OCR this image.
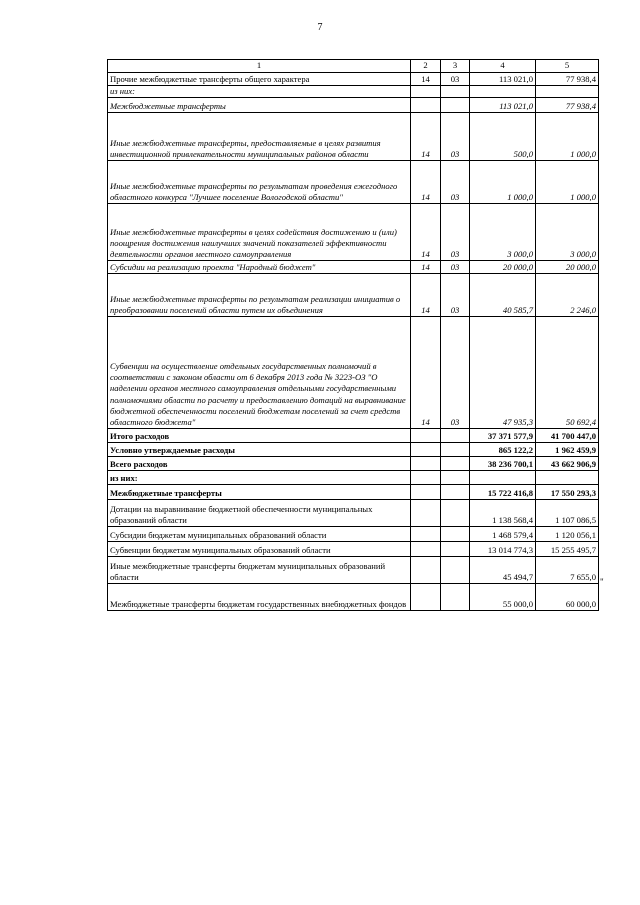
7
1	2	3	4	5
Прочие межбюджетные трансферты общего характера	14	03	113 021,0	77 938,4
из них:				
Межбюджетные трансферты			113 021,0	77 938,4
Иные межбюджетные трансферты, предоставляемые в целях развития инвестиционной привлекательности муниципальных районов области	14	03	500,0	1 000,0
Иные межбюджетные трансферты по результатам проведения ежегодного областного конкурса "Лучшее поселение Вологодской области"	14	03	1 000,0	1 000,0
Иные межбюджетные трансферты в целях содействия достижению и (или) поощрения достижения наилучших значений показателей эффективности деятельности органов местного самоуправления	14	03	3 000,0	3 000,0
Субсидии на реализацию проекта "Народный бюджет"	14	03	20 000,0	20 000,0
Иные межбюджетные трансферты по результатам реализации инициатив о преобразовании поселений области путем их объединения	14	03	40 585,7	2 246,0
Субвенции на осуществление отдельных государственных полномочий в соответствии с законом области от 6 декабря 2013 года № 3223-ОЗ "О наделении органов местного самоуправления отдельными государственными полномочиями области по расчету и предоставлению дотаций на выравнивание бюджетной обеспеченности поселений бюджетам поселений за счет средств областного бюджета"	14	03	47 935,3	50 692,4
Итого расходов			37 371 577,9	41 700 447,0
Условно утверждаемые расходы			865 122,2	1 962 459,9
Всего расходов			38 236 700,1	43 662 906,9
из них:				
Межбюджетные трансферты			15 722 416,8	17 550 293,3
Дотации на выравнивание бюджетной обеспеченности муниципальных образований области			1 138 568,4	1 107 086,5
Субсидии бюджетам муниципальных образований области			1 468 579,4	1 120 056,1
Субвенции бюджетам муниципальных образований области			13 014 774,3	15 255 495,7
Иные межбюджетные трансферты бюджетам муниципальных образований области			45 494,7	7 655,0
Межбюджетные трансферты бюджетам государственных внебюджетных фондов			55 000,0	60 000,0
"
